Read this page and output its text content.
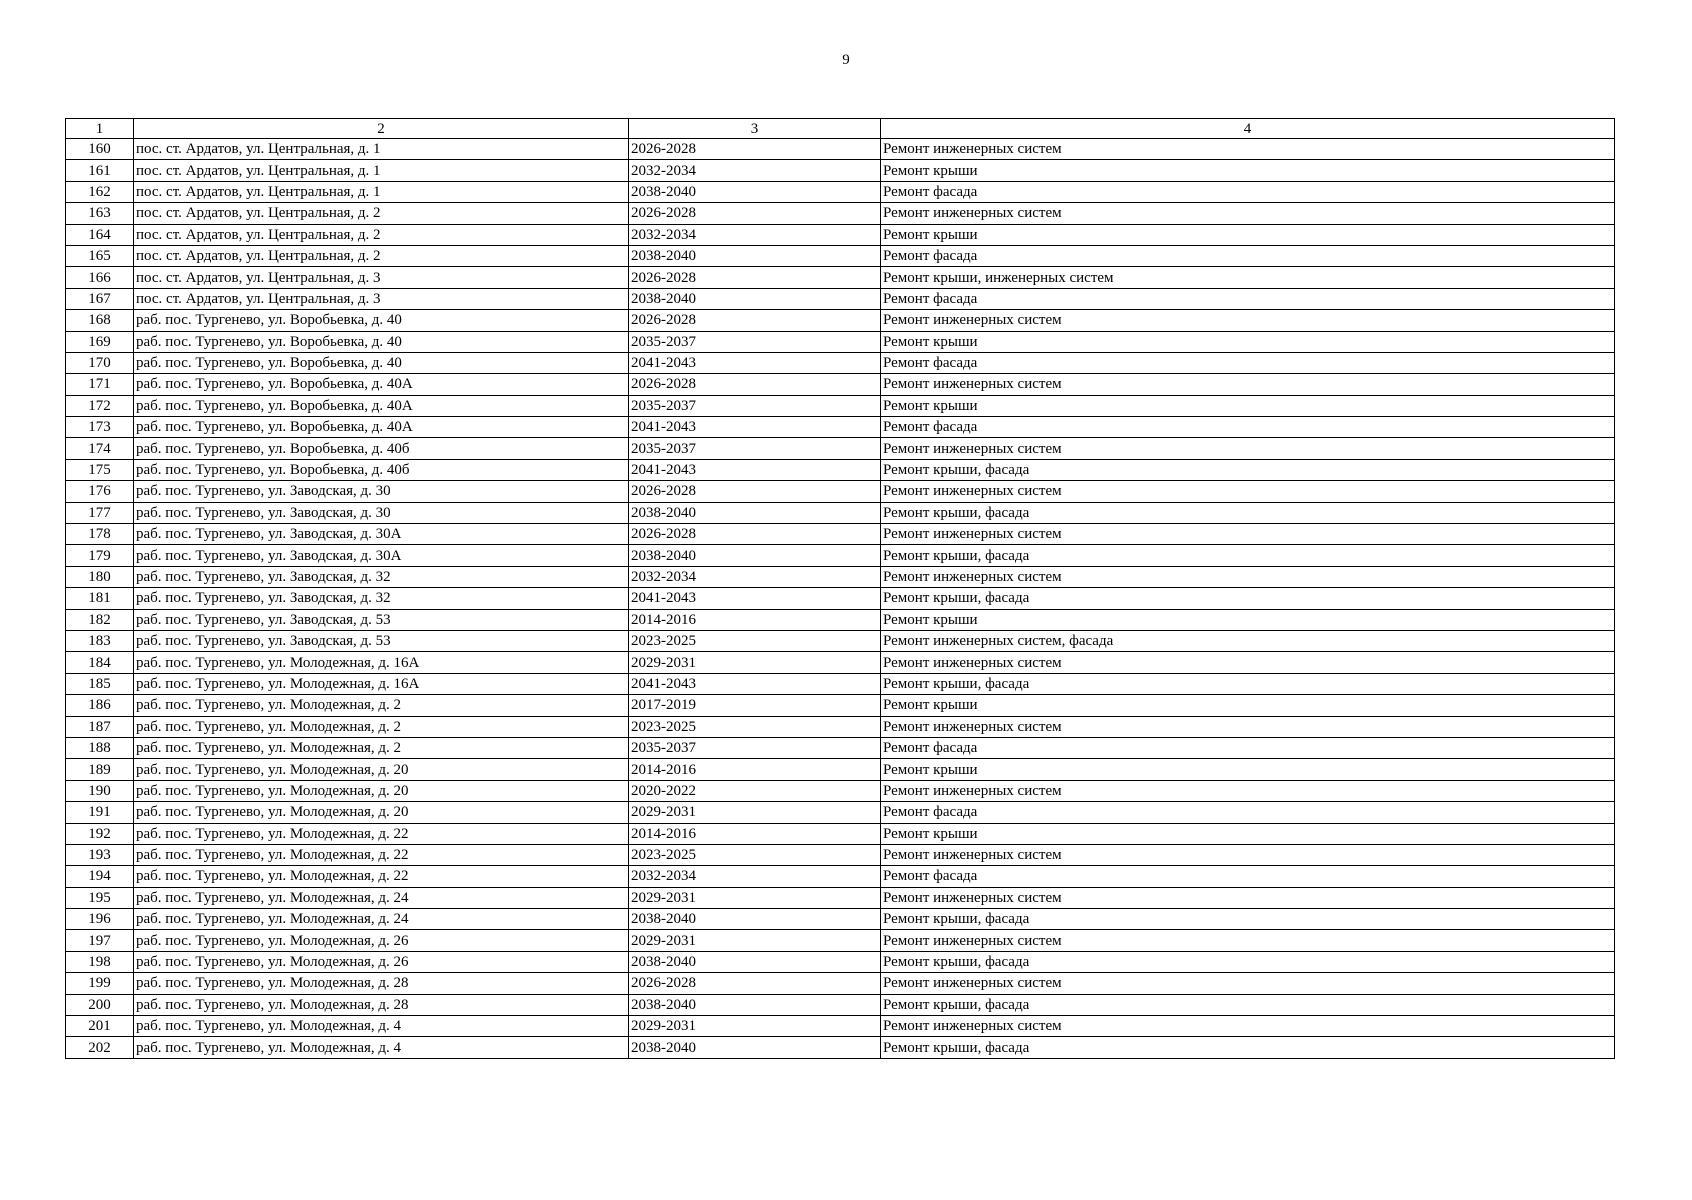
9
1	2	3	4
160	пос. ст. Ардатов, ул. Центральная, д. 1	2026-2028	Ремонт инженерных систем
161	пос. ст. Ардатов, ул. Центральная, д. 1	2032-2034	Ремонт крыши
162	пос. ст. Ардатов, ул. Центральная, д. 1	2038-2040	Ремонт фасада
163	пос. ст. Ардатов, ул. Центральная, д. 2	2026-2028	Ремонт инженерных систем
164	пос. ст. Ардатов, ул. Центральная, д. 2	2032-2034	Ремонт крыши
165	пос. ст. Ардатов, ул. Центральная, д. 2	2038-2040	Ремонт фасада
166	пос. ст. Ардатов, ул. Центральная, д. 3	2026-2028	Ремонт крыши, инженерных систем
167	пос. ст. Ардатов, ул. Центральная, д. 3	2038-2040	Ремонт фасада
168	раб. пос. Тургенево, ул. Воробьевка, д. 40	2026-2028	Ремонт инженерных систем
169	раб. пос. Тургенево, ул. Воробьевка, д. 40	2035-2037	Ремонт крыши
170	раб. пос. Тургенево, ул. Воробьевка, д. 40	2041-2043	Ремонт фасада
171	раб. пос. Тургенево, ул. Воробьевка, д. 40А	2026-2028	Ремонт инженерных систем
172	раб. пос. Тургенево, ул. Воробьевка, д. 40А	2035-2037	Ремонт крыши
173	раб. пос. Тургенево, ул. Воробьевка, д. 40А	2041-2043	Ремонт фасада
174	раб. пос. Тургенево, ул. Воробьевка, д. 40б	2035-2037	Ремонт инженерных систем
175	раб. пос. Тургенево, ул. Воробьевка, д. 40б	2041-2043	Ремонт крыши, фасада
176	раб. пос. Тургенево, ул. Заводская, д. 30	2026-2028	Ремонт инженерных систем
177	раб. пос. Тургенево, ул. Заводская, д. 30	2038-2040	Ремонт крыши, фасада
178	раб. пос. Тургенево, ул. Заводская, д. 30А	2026-2028	Ремонт инженерных систем
179	раб. пос. Тургенево, ул. Заводская, д. 30А	2038-2040	Ремонт крыши, фасада
180	раб. пос. Тургенево, ул. Заводская, д. 32	2032-2034	Ремонт инженерных систем
181	раб. пос. Тургенево, ул. Заводская, д. 32	2041-2043	Ремонт крыши, фасада
182	раб. пос. Тургенево, ул. Заводская, д. 53	2014-2016	Ремонт крыши
183	раб. пос. Тургенево, ул. Заводская, д. 53	2023-2025	Ремонт инженерных систем, фасада
184	раб. пос. Тургенево, ул. Молодежная, д. 16А	2029-2031	Ремонт инженерных систем
185	раб. пос. Тургенево, ул. Молодежная, д. 16А	2041-2043	Ремонт крыши, фасада
186	раб. пос. Тургенево, ул. Молодежная, д. 2	2017-2019	Ремонт крыши
187	раб. пос. Тургенево, ул. Молодежная, д. 2	2023-2025	Ремонт инженерных систем
188	раб. пос. Тургенево, ул. Молодежная, д. 2	2035-2037	Ремонт фасада
189	раб. пос. Тургенево, ул. Молодежная, д. 20	2014-2016	Ремонт крыши
190	раб. пос. Тургенево, ул. Молодежная, д. 20	2020-2022	Ремонт инженерных систем
191	раб. пос. Тургенево, ул. Молодежная, д. 20	2029-2031	Ремонт фасада
192	раб. пос. Тургенево, ул. Молодежная, д. 22	2014-2016	Ремонт крыши
193	раб. пос. Тургенево, ул. Молодежная, д. 22	2023-2025	Ремонт инженерных систем
194	раб. пос. Тургенево, ул. Молодежная, д. 22	2032-2034	Ремонт фасада
195	раб. пос. Тургенево, ул. Молодежная, д. 24	2029-2031	Ремонт инженерных систем
196	раб. пос. Тургенево, ул. Молодежная, д. 24	2038-2040	Ремонт крыши, фасада
197	раб. пос. Тургенево, ул. Молодежная, д. 26	2029-2031	Ремонт инженерных систем
198	раб. пос. Тургенево, ул. Молодежная, д. 26	2038-2040	Ремонт крыши, фасада
199	раб. пос. Тургенево, ул. Молодежная, д. 28	2026-2028	Ремонт инженерных систем
200	раб. пос. Тургенево, ул. Молодежная, д. 28	2038-2040	Ремонт крыши, фасада
201	раб. пос. Тургенево, ул. Молодежная, д. 4	2029-2031	Ремонт инженерных систем
202	раб. пос. Тургенево, ул. Молодежная, д. 4	2038-2040	Ремонт крыши, фасада
